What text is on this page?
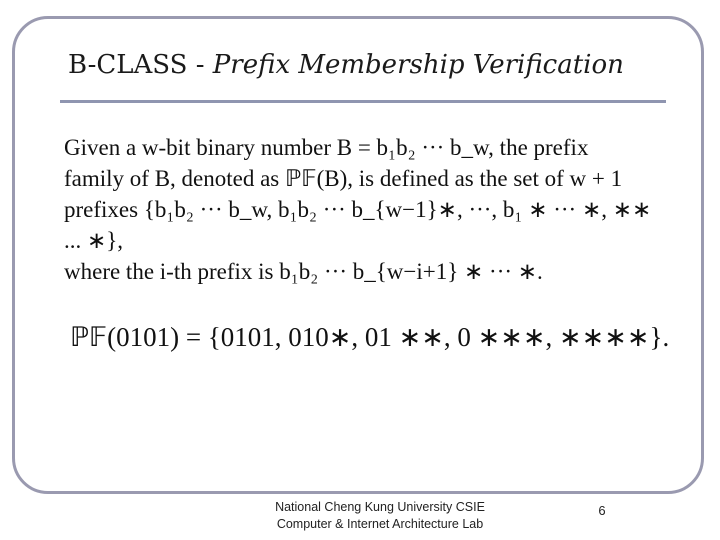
B-CLASS - Prefix Membership Verification

Given a w-bit binary number B = b₁b₂ ··· b_w, the prefix

family of B, denoted as ℙ𝔽(B), is defined as the set of w + 1

prefixes {b₁b₂ ··· b_w, b₁b₂ ··· b_{w−1}∗, ···, b₁ ∗ ··· ∗, ∗∗ ... ∗},

where the i-th prefix is b₁b₂ ··· b_{w−i+1} ∗ ··· ∗.

ℙ𝔽(0101) = {0101, 010∗, 01 ∗∗, 0 ∗∗∗, ∗∗∗∗}.
National Cheng Kung University CSIE
Computer & Internet Architecture Lab
6
